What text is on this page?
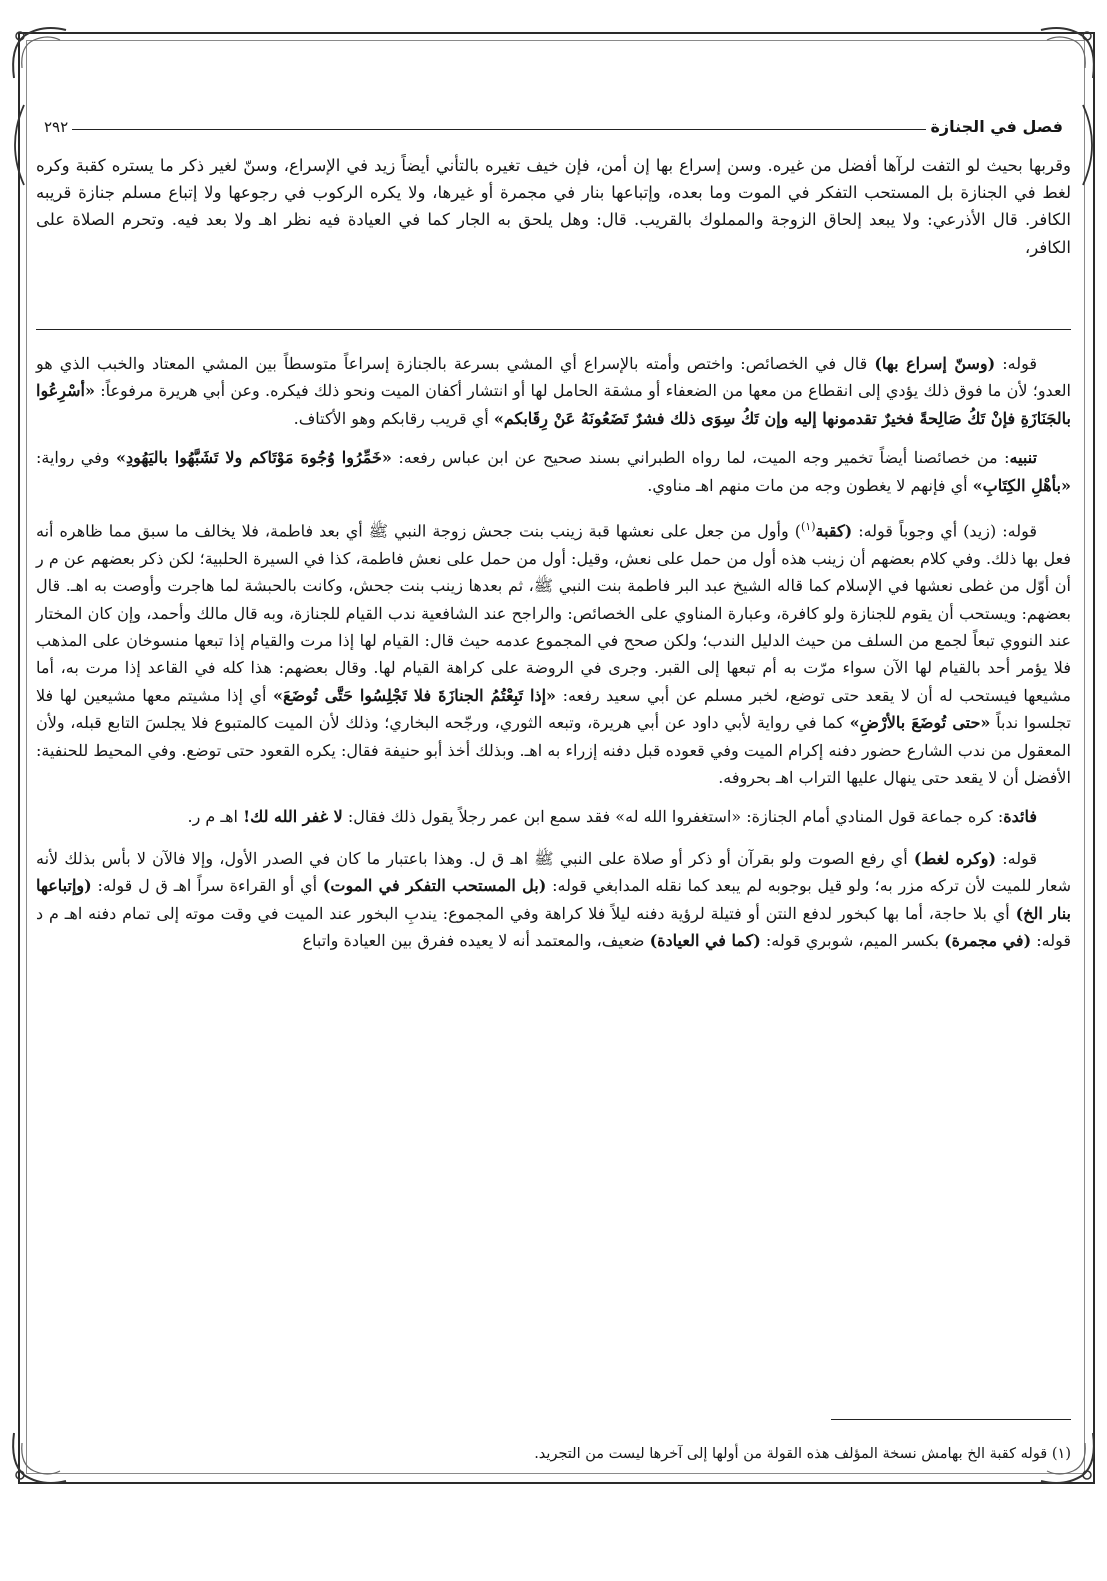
فصل في الجنازة
٢٩٢
وقربها بحيث لو التفت لرآها أفضل من غيره. وسن إسراع بها إن أمن، فإن خيف تغيره بالتأني أيضاً زيد في الإسراع، وسنّ لغير ذكر ما يستره كقبة وكره لغط في الجنازة بل المستحب التفكر في الموت وما بعده، وإتباعها بنار في مجمرة أو غيرها، ولا يكره الركوب في رجوعها ولا إتباع مسلم جنازة قريبه الكافر. قال الأذرعي: ولا يبعد إلحاق الزوجة والمملوك بالقريب. قال: وهل يلحق به الجار كما في العيادة فيه نظر اهـ ولا بعد فيه. وتحرم الصلاة على الكافر،

قوله: (وسنّ إسراع بها) قال في الخصائص: واختص وأمته بالإسراع أي المشي بسرعة بالجنازة إسراعاً متوسطاً بين المشي المعتاد والخبب الذي هو العدو؛ لأن ما فوق ذلك يؤدي إلى انقطاع من معها من الضعفاء أو مشقة الحامل لها أو انتشار أكفان الميت ونحو ذلك فيكره. وعن أبي هريرة مرفوعاً: «أسْرِعُوا بالجَنَازَةِ فإنْ تَكُ صَالِحةً فخيرٌ تقدمونها إليه وإن تَكُ سِوَى ذلك فشرٌ تَضَعُونَهُ عَنْ رِقَابكم» أي قريب رقابكم وهو الأكتاف.

تنبيه: من خصائصنا أيضاً تخمير وجه الميت، لما رواه الطبراني بسند صحيح عن ابن عباس رفعه: «خَمِّرُوا وُجُوهَ مَوْتَاكم ولا تَشَبَّهُوا باليَهُودِ» وفي رواية: «بأهْلِ الكِتَابِ» أي فإنهم لا يغطون وجه من مات منهم اهـ مناوي.

قوله: (زيد) أي وجوباً قوله: (كقبة$^{(١)}$) وأول من جعل على نعشها قبة زينب بنت جحش زوجة النبي ﷺ أي بعد فاطمة، فلا يخالف ما سبق مما ظاهره أنه فعل بها ذلك. وفي كلام بعضهم أن زينب هذه أول من حمل على نعش، وقيل: أول من حمل على نعش فاطمة، كذا في السيرة الحلبية؛ لكن ذكر بعضهم عن م ر أن أوّل من غطى نعشها في الإسلام كما قاله الشيخ عبد البر فاطمة بنت النبي ﷺ، ثم بعدها زينب بنت جحش، وكانت بالحبشة لما هاجرت وأوصت به اهـ. قال بعضهم: ويستحب أن يقوم للجنازة ولو كافرة، وعبارة المناوي على الخصائص: والراجح عند الشافعية ندب القيام للجنازة، وبه قال مالك وأحمد، وإن كان المختار عند النووي تبعاً لجمع من السلف من حيث الدليل الندب؛ ولكن صحح في المجموع عدمه حيث قال: القيام لها إذا مرت والقيام إذا تبعها منسوخان على المذهب فلا يؤمر أحد بالقيام لها الآن سواء مرّت به أم تبعها إلى القبر. وجرى في الروضة على كراهة القيام لها. وقال بعضهم: هذا كله في القاعد إذا مرت به، أما مشيعها فيستحب له أن لا يقعد حتى توضع، لخبر مسلم عن أبي سعيد رفعه: «إذا تَبِعْتُمُ الجنازَةَ فلا تَجْلِسُوا حَتَّى تُوضَعَ» أي إذا مشيتم معها مشيعين لها فلا تجلسوا ندباً «حتى تُوضَعَ بالأرْضِ» كما في رواية لأبي داود عن أبي هريرة، وتبعه الثوري، ورجّحه البخاري؛ وذلك لأن الميت كالمتبوع فلا يجلسَ التابع قبله، ولأن المعقول من ندب الشارع حضور دفنه إكرام الميت وفي قعوده قبل دفنه إزراء به اهـ. وبذلك أخذ أبو حنيفة فقال: يكره القعود حتى توضع. وفي المحيط للحنفية: الأفضل أن لا يقعد حتى ينهال عليها التراب اهـ بحروفه.

فائدة: كره جماعة قول المنادي أمام الجنازة: «استغفروا الله له» فقد سمع ابن عمر رجلاً يقول ذلك فقال: لا غفر الله لك! اهـ م ر.

قوله: (وكره لغط) أي رفع الصوت ولو بقرآن أو ذكر أو صلاة على النبي ﷺ اهـ ق ل. وهذا باعتبار ما كان في الصدر الأول، وإلا فالآن لا بأس بذلك لأنه شعار للميت لأن تركه مزر به؛ ولو قيل بوجوبه لم يبعد كما نقله المدابغي قوله: (بل المستحب التفكر في الموت) أي أو القراءة سراً اهـ ق ل قوله: (وإتباعها بنار الخ) أي بلا حاجة، أما بها كبخور لدفع النتن أو فتيلة لرؤية دفنه ليلاً فلا كراهة وفي المجموع: يندبِ البخور عند الميت في وقت موته إلى تمام دفنه اهـ م د قوله: (في مجمرة) بكسر الميم، شوبري قوله: (كما في العيادة) ضعيف، والمعتمد أنه لا يعيده ففرق بين العيادة واتباع

(١) قوله كقبة الخ بهامش نسخة المؤلف هذه القولة من أولها إلى آخرها ليست من التجريد.
